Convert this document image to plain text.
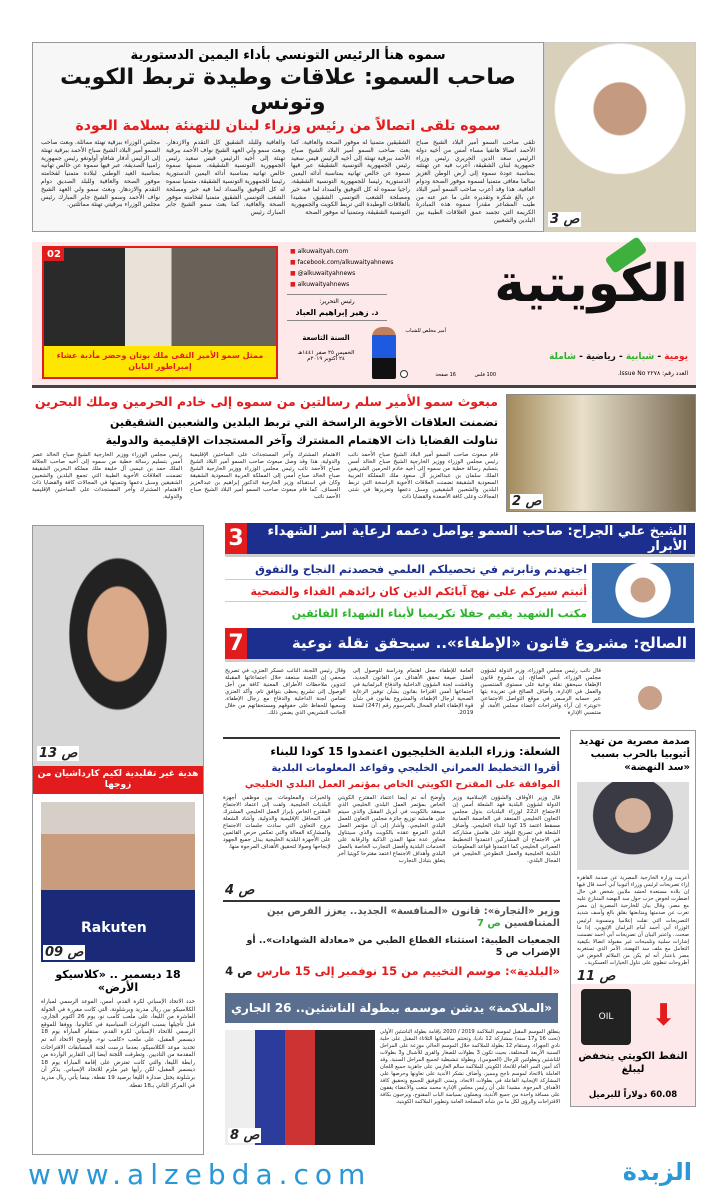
سموه هنأ الرئيس التونسي بأداء اليمين الدستورية
صاحب السمو: علاقات وطيدة تربط الكويت وتونس
سموه تلقى اتصالاً من رئيس وزراء لبنان للتهنئة بسلامة العودة

تلقى صاحب السمو أمير البلاد الشيخ صباح الأحمد اتصالا هاتفيا مساء أمس من أخيه دولة الرئيس سعد الدين الحريري رئيس وزراء جمهورية لبنان الشقيقة، أعرب فيه عن تهنئته بمناسبة عودة سموه إلى أرض الوطن العزيز سالما معافى متمنيا لسموه موفور الصحة ودوام العافية. هذا وقد أعرب صاحب السمو أمير البلاد عن بالغ شكره وتقديره على ما عبر عنه من طيب المشاعر مقدرا سموه هذه المبادرة الكريمة التي تجسد عمق العلاقات الطيبة بين البلدين والشعبين

الشقيقين متمنيا له موفور الصحة والعافية. كما بعث صاحب السمو أمير البلاد الشيخ صباح الأحمد ببرقية تهنئة إلى أخيه الرئيس قيس سعيد رئيس الجمهورية التونسية الشقيقة عبر فيها سموه عن خالص تهانيه بمناسبة أدائه اليمين الدستورية رئيسا للجمهورية التونسية الشقيقة، راجيا سموه له كل التوفيق والسداد لما فيه خير ومصلحة الشعب التونسي الشقيق، مشيدا بالعلاقات الوطيدة التي تربط الكويت والجمهورية التونسية الشقيقة، ومتمنيا له موفور الصحة

والعافية وللبلد الشقيق كل التقدم والازدهار. وبعث سمو ولي العهد الشيخ نواف الأحمد ببرقية تهنئة إلى أخيه الرئيس قيس سعيد رئيس الجمهورية التونسية الشقيقة، ضمنها سموه خالص تهانيه بمناسبة أدائه اليمين الدستورية رئيسا للجمهورية التونسية الشقيقة، متمنيا سموه له كل التوفيق والسداد لما فيه خير ومصلحة الشعب التونسي الشقيق متمنيا لفخامته موفور الصحة والعافية. كما بعث سمو الشيخ جابر المبارك رئيس

مجلس الوزراء ببرقية تهنئة مماثلة. وبعث صاحب السمو أمير البلاد الشيخ صباح الأحمد ببرقية تهنئة إلى الرئيس أدفار شافاو أولونغو رئيس جمهورية زامبيا الصديقة، عبر فيها سموه عن خالص تهانيه بمناسبة العيد الوطني لبلاده متمنيا لفخامته موفور الصحة والعافية وللبلد الصديق دوام التقدم والازدهار. وبعث سمو ولي العهد الشيخ نواف الأحمد وسمو الشيخ جابر المبارك رئيس مجلس الوزراء ببرقيتي تهنئة مماثلتين.

ص 3
الكويتية
أمير مخلص للشباب
يومية - شبابية - رياضية - شاملة
العدد رقم: ٢٢٧٨ Issue No.
100 فلس
16 صفحة
السنة التاسعة
الخميس ٢٥ صفر ١٤٤١هـ
٢٤ أكتوبر ٢٠١٩م
■ alkuwaityah.com
■ facebook.com/alkuwaityahnews
■ @alkuwaityahnews
■ alkuwaityahnews
رئيس التحرير:
د. زهير إبراهيم العباد
02
ممثل سمو الأمير التقى ملك بوتان وحضر مأدبة عشاء إمبراطور اليابان
ص 2
مبعوث سمو الأمير سلم رسالتين من سموه إلى خادم الحرمين وملك البحرين
تضمنت العلاقات الأخوية الراسخة التي تربط البلدين والشعبين الشقيقين
تناولت القضايا ذات الاهتمام المشترك وآخر المستجدات الإقليمية والدولية

قام مبعوث صاحب السمو أمير البلاد الشيخ صباح الأحمد نائب رئيس مجلس الوزراء ووزير الخارجية الشيخ صباح الخالد أمس بتسليم رسالة خطية من سموه إلى أخيه خادم الحرمين الشريفين الملك سلمان بن عبدالعزيز آل سعود ملك المملكة العربية السعودية الشقيقة تضمنت العلاقات الأخوية الراسخة التي تربط البلدين والشعبين الشقيقين وسبل دعمها وتعزيزها في شتى المجالات وعلى كافة الأصعدة والقضايا ذات

الاهتمام المشترك وآخر المستجدات على الساحتين الإقليمية والدولية. هذا وقد وصل مبعوث صاحب السمو أمير البلاد الشيخ صباح الأحمد نائب رئيس مجلس الوزراء ووزير الخارجية الشيخ صباح الخالد صباح أمس إلى المملكة العربية السعودية الشقيقة وكان في استقباله وزير الخارجية الدكتور إبراهيم بن عبدالعزيز العساف. كما قام مبعوث صاحب السمو أمير البلاد الشيخ صباح الأحمد نائب

رئيس مجلس الوزراء ووزير الخارجية الشيخ صباح الخالد عصر أمس بتسليم رسالة خطية من سموه إلى أخيه صاحب الجلالة الملك حمد بن عيسى آل خليفة ملك مملكة البحرين الشقيقة تضمنت العلاقات الأخوية الطيبة التي تجمع البلدين والشعبين الشقيقين وسبل دعمها وتنميتها في المجالات كافة والقضايا ذات الاهتمام المشترك وآخر المستجدات على الساحتين الإقليمية والدولية.

ص 13
هدية غير تقليدية لكيم كارداشيان من زوجها
Rakuten
ص 09
18 ديسمبر .. «كلاسيكو الأرض»

حدد الاتحاد الإسباني لكرة القدم، أمس، الموعد الرسمي لمباراة الكلاسيكو بين ريال مدريد وبرشلونة، التي كانت مقررة في الجولة العاشرة من الليغا، على ملعب كامب نو، يوم 26 أكتوبر الجاري، قبل تأجيلها بسبب التوترات السياسية في كتالونيا. ووفقا للموقع الرسمي للاتحاد الإسباني لكرة القدم، ستقام المباراة يوم 18 ديسمبر المقبل، على ملعب «كامب نو». وأوضح الاتحاد أنه تم تحديد موعد الكلاسيكو، بعدما درست لجنة المسابقات الاقتراحات المقدمة من الناديين. وتطرقت اللجنة أيضا إلى التقارير الواردة من رابطة الليغا، والتي كانت تعترض على إقامة المباراة يوم 18 ديسمبر المقبل، لكن رأيها غير ملزم للاتحاد الإسباني. يذكر أن برشلونة يحتل صدارة الليغا برصيد 19 نقطة، بينما يأتي ريال مدريد في المركز الثاني بـ18 نقطة.

الشيخ علي الجراح: صاحب السمو يواصل دعمه لرعاية أسر الشهداء الأبرار
3
اجتهدتم وثابرتم في تحصيلكم العلمي فحصدتم النجاح والتفوق
أثبتم سيركم على نهج آبائكم الذين كان رائدهم الفداء والتضحية
مكتب الشهيد يقيم حفلا تكريميا لأبناء الشهداء الفائقين
الصالح: مشروع قانون «الإطفاء».. سيحقق نقلة نوعية
7

قال نائب رئيس مجلس الوزراء، وزير الدولة لشؤون مجلس الوزراء، أنس الصالح، إن مشروع قانون الإطفاء سيحقق نقلة نوعية على مستوى المنتسبين والعمل في الإدارة، وأضاف الصالح في تغريدة بثها عبر حسابه الرسمي في موقع التواصل الاجتماعي «تويتر» إن آراء واقتراحات أعضاء مجلس الأمة، أو منتسبي الإدارة

العامة للإطفاء محل اهتمام ودراسة للوصول إلى أفضل صيغة تحقق الأهداف من القانون الجديد، وناقشت لجنة الشؤون الداخلية والدفاع البرلمانية في اجتماعها أمس اقتراحا بقانون بشأن توفير الرعاية الصحية لرجال الإطفاء، والمشروع بقانون في شأن قوة الإطفاء العام المحال بالمرسوم رقم (247) لسنة 2019.

وقال رئيس اللجنة، النائب عسكر العنزي، في تصريح صحفي إن اللجنة ستعقد خلال اجتماعاتها المقبلة لتدوين ملاحظات الأطراف المعنية كافة من أجل الوصول إلى تشريع يحظى بتوافق تام، وأكد العنزي تضامن لجنة الداخلية والدفاع مع رجال الإطفاء، وسعيها للحفاظ على حقوقهم ومستحقاتهم من خلال الجانب التشريعي الذي يضمن ذلك.

الشعلة: وزراء البلدية الخليجيون اعتمدوا 15 كودا للبناء
أقروا التخطيط العمراني الخليجي وقواعد المعلومات البلدية
الموافقة على المقترح الكويتي الخاص بمؤتمر العمل البلدي الخليجي

قال وزير الأوقاف والشؤون الإسلامية وزير الدولة لشؤون البلدية فهد الشعلة أمس إن الاجتماع الـ22 لوزراء البلديات بدول مجلس التعاون الخليجي المنعقد في العاصمة العمانية مسقط اعتمد 15 كودا للبناء الخليجي. وأضاف الشعلة في تصريح للوفد على هامش مشاركته في الاجتماع أن المشاركين اعتمدوا التخطيط العمراني الخليجي كما اعتمدوا قواعد المعلومات البلدية الخليجية والعمل التطوعي الخليجي في المجال البلدي.

وأوضح أنه تم أيضا اعتماد المقترح الكويتي الخاص بمؤتمر العمل البلدي الخليجي الذي سيعقد بالكويت في أبريل المقبل والذي سيتم على هامشه توزيع جائزة مجلس التعاون للعمل البلدي الخليجي. وأشار إلى أن مؤتمر العمل البلدي المزمع عقده بالكويت والذي سيتناول محاور عدة منها المدن الذكية والرقابة على الخدمات البلدية وأفضل التجارب الخاصة بالعمل البلدي وأهداف الاجتماع اعتمد مقترحا كويتيا آخر يتعلق بتبادل التجارب

والخبرات والمعلومات بين موظفي أجهزة البلديات الخليجية. ولفت إلى اعتماد الاجتماع المقترح الخاص بإبراز العمل الخليجي المشترك في المحافل الإقليمية والدولية. وأشاد الشعلة بروح التعاون التي سادت جلسات الاجتماع والمشاركة الفعالة والتي تعكس حرص القائمين على الأجهزة البلدية الخليجية ببذل جميع الجهود لإنجاحها وصولا لتحقيق الأهداف المرجوة منها.

ص 4
صدمة مصرية من تهديد أثيوبيا بالحرب بسبب «سد النهضة»

أعربت وزارة الخارجية المصرية عن صدمة القاهرة إزاء تصريحات لرئيس وزراء أثيوبيا آبي أحمد قال فيها إن بلاده مستعدة لحشد ملايين شخص في حال اضطرت لخوض حرب حول سد النهضة المتنازع عليه مع مصر. وقال بيان للخارجية المصرية إن مصر تعرب عن صدمتها ومتابعتها بقلق بالغ وأسف شديد التصريحات التي نقلت إعلاميا ومنسوبة لرئيس الوزراء آبي أحمد أمام البرلمان الإثيوبي، إذا ما صحت.. واعتبر البيان أن تصريحات آبي أحمد تضمنت إشارات سلبية وتلميحات غير مقبولة اتصالا بكيفية التعامل مع ملف سد النهضة، الأمر الذي تستغربه مصر باعتبار أنه لم يكن من الملائم الخوض في أطروحات تنطوي على تناول الخيارات العسكرية..

ص 11
OIL	⬇
النفط الكويتي ينخفض ليبلغ
60.08 دولاراً للبرميل
وزير «التجارة»: قانون «المنافسة» الجديد.. يعزز الفرص بين المتنافسين ص 7
الجمعيات الطبية: استثناء القطاع الطبي من «معادلة الشهادات».. أو الإضراب ص 5
«البلدية»: موسم التخييم من 15 نوفمبر إلى 15 مارس ص 4
«الملاكمة» يدشن موسمه ببطولة الناشئين.. 26 الجاري
ص 8

ينطلق الموسم المقبل لموسم الملاكمة 2019 / 2020 بإقامة بطولة الناشئين الأولى (تحت 16 و17 سنة) بمشاركة 12 ناديا، وتختتم منافساتها الثلاثاء المقبل على حلبة نادي الجهراء. وستقام 12 بطولة للملاكمة خلال الموسم الحالي موزعة على المراحل السنية الأربعة المختلفة، بحيث تكون 3 بطولات للصغار والقرى للأشبال و3 بطولات للناشئين وبطولتين للرجال (العمومي)، وبطولة تنشيطية لجميع المراحل السنية. وقد أكد أمين السر العام للاتحاد الكويتي للملاكمة سالم العازمي على جاهزية جميع اللجان العاملة بالاتحاد لموسم ناجح ومميز، وأضاف نشكر الأندية على تعاونها وحرصها على المشاركة الإيجابية الفاعلة في بطولات الاتحاد، وتمنى التوفيق للجميع وتحقيق كافة الأهداف المرجوة، مشيدا على أن رئيس مجلس الإدارة محمد متعب والأعضاء يقفون على مسافة واحدة من جميع الأندية، ويعملون بسياسة الباب المفتوح، ويرحبون بكافة الاقتراحات والرؤى لكل ما من شأنه المصلحة العامة وتطوير الملاكمة الكويتية.

www.alzebda.com	الزبدة
